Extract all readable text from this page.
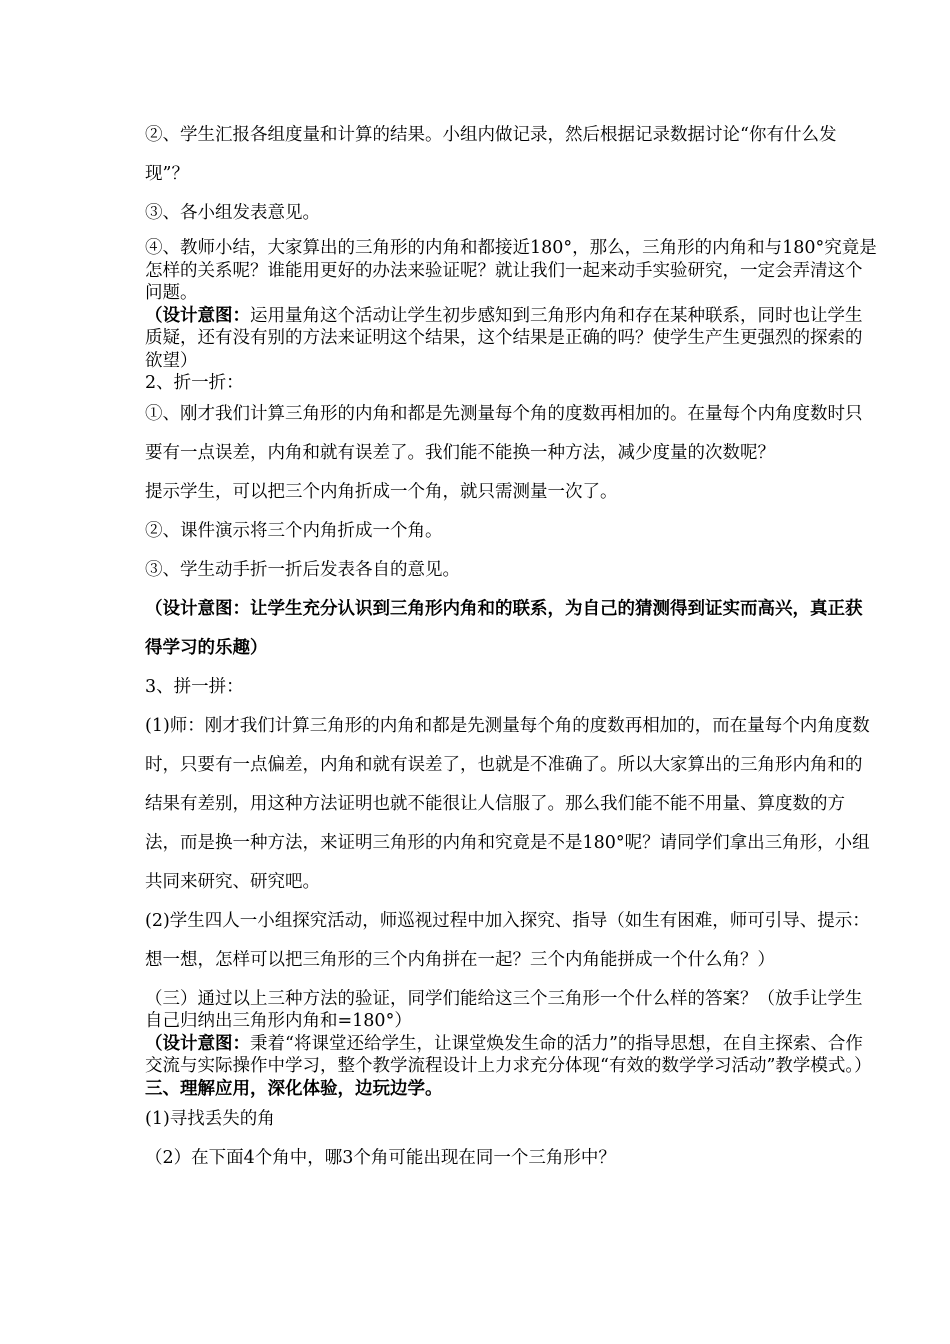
②、学生汇报各组度量和计算的结果。小组内做记录，然后根据记录数据讨论“你有什么发现”？

③、各小组发表意见。

④、教师小结，大家算出的三角形的内角和都接近180°，那么，三角形的内角和与180°究竟是怎样的关系呢？谁能用更好的办法来验证呢？就让我们一起来动手实验研究，一定会弄清这个问题。

（设计意图：运用量角这个活动让学生初步感知到三角形内角和存在某种联系，同时也让学生质疑，还有没有别的方法来证明这个结果，这个结果是正确的吗？使学生产生更强烈的探索的欲望）

2、折一折：

①、刚才我们计算三角形的内角和都是先测量每个角的度数再相加的。在量每个内角度数时只要有一点误差，内角和就有误差了。我们能不能换一种方法，减少度量的次数呢？

提示学生，可以把三个内角折成一个角，就只需测量一次了。

②、课件演示将三个内角折成一个角。

③、学生动手折一折后发表各自的意见。

（设计意图：让学生充分认识到三角形内角和的联系，为自己的猜测得到证实而高兴，真正获得学习的乐趣）

3、拼一拼：

(1)师：刚才我们计算三角形的内角和都是先测量每个角的度数再相加的，而在量每个内角度数时，只要有一点偏差，内角和就有误差了，也就是不准确了。所以大家算出的三角形内角和的结果有差别，用这种方法证明也就不能很让人信服了。那么我们能不能不用量、算度数的方法，而是换一种方法，来证明三角形的内角和究竟是不是180°呢？请同学们拿出三角形，小组共同来研究、研究吧。

(2)学生四人一小组探究活动，师巡视过程中加入探究、指导（如生有困难，师可引导、提示：想一想，怎样可以把三角形的三个内角拼在一起？三个内角能拼成一个什么角？）

（三）通过以上三种方法的验证，同学们能给这三个三角形一个什么样的答案？（放手让学生自己归纳出三角形内角和=180°）

（设计意图：秉着“将课堂还给学生，让课堂焕发生命的活力”的指导思想，在自主探索、合作交流与实际操作中学习，整个教学流程设计上力求充分体现“有效的数学学习活动”教学模式。）

三、理解应用，深化体验，边玩边学。

(1)寻找丢失的角

（2）在下面4个角中，哪3个角可能出现在同一个三角形中？
